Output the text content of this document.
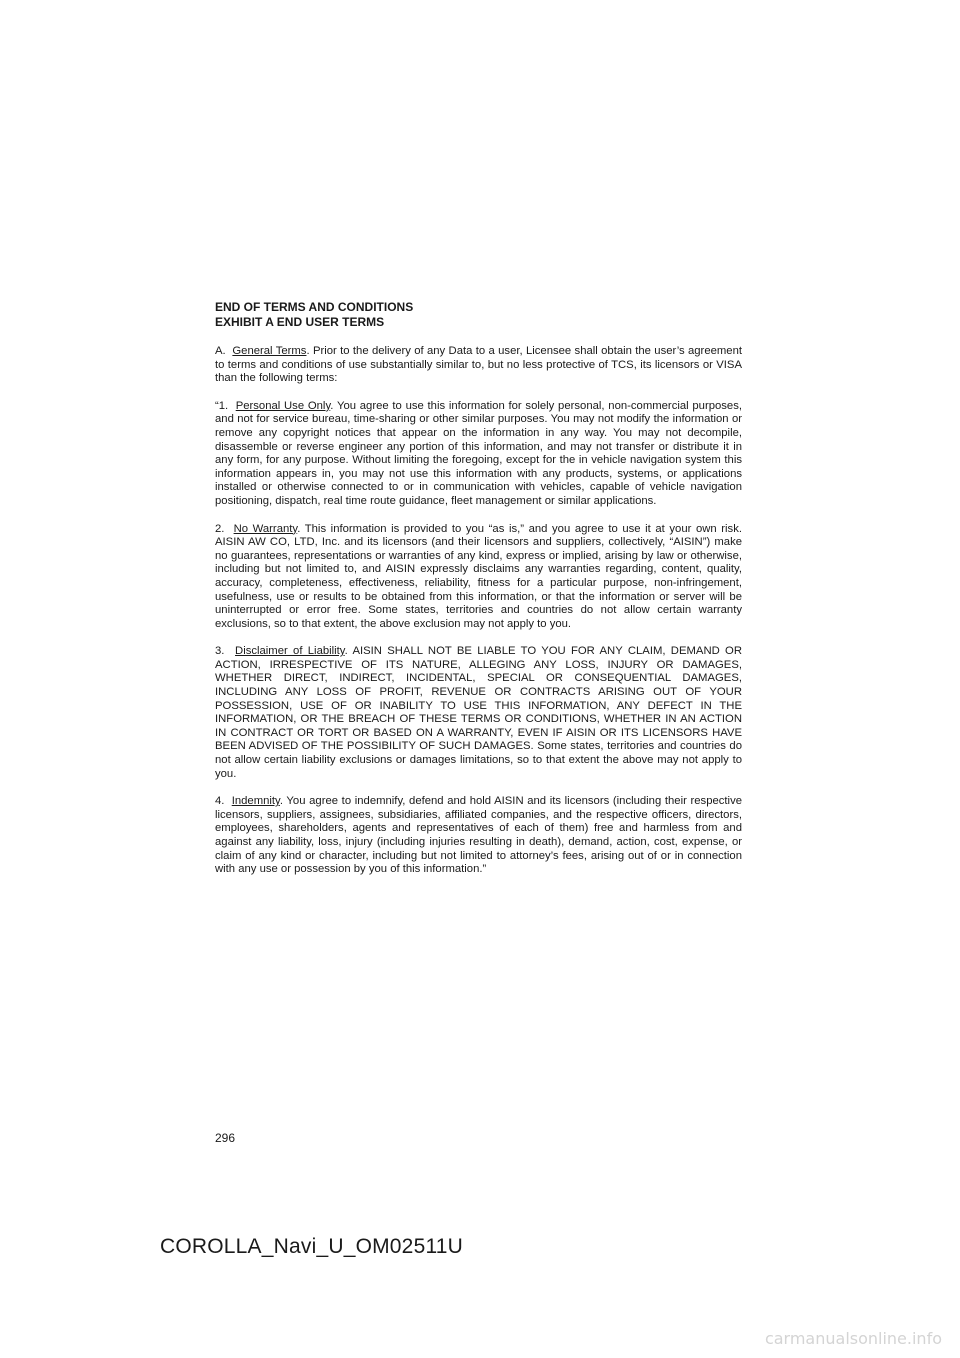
END OF TERMS AND CONDITIONS

EXHIBIT A END USER TERMS

A. General Terms. Prior to the delivery of any Data to a user, Licensee shall obtain the user’s agreement to terms and conditions of use substantially similar to, but no less protective of TCS, its licensors or VISA than the following terms:

“1. Personal Use Only. You agree to use this information for solely personal, non-commercial purposes, and not for service bureau, time-sharing or other similar purposes. You may not modify the information or remove any copyright notices that appear on the information in any way. You may not decompile, disassemble or reverse engineer any portion of this information, and may not transfer or distribute it in any form, for any purpose. Without limiting the foregoing, except for the in vehicle navigation system this information appears in, you may not use this information with any products, systems, or applications installed or otherwise connected to or in communication with vehicles, capable of vehicle navigation positioning, dispatch, real time route guidance, fleet management or similar applications.

2. No Warranty. This information is provided to you “as is,” and you agree to use it at your own risk. AISIN AW CO, LTD, Inc. and its licensors (and their licensors and suppliers, collectively, “AISIN”) make no guarantees, representations or warranties of any kind, express or implied, arising by law or otherwise, including but not limited to, and AISIN expressly disclaims any warranties regarding, content, quality, accuracy, completeness, effectiveness, reliability, fitness for a particular purpose, non-infringement, usefulness, use or results to be obtained from this information, or that the information or server will be uninterrupted or error free. Some states, territories and countries do not allow certain warranty exclusions, so to that extent, the above exclusion may not apply to you.

3. Disclaimer of Liability. AISIN SHALL NOT BE LIABLE TO YOU FOR ANY CLAIM, DEMAND OR ACTION, IRRESPECTIVE OF ITS NATURE, ALLEGING ANY LOSS, INJURY OR DAMAGES, WHETHER DIRECT, INDIRECT, INCIDENTAL, SPECIAL OR CONSEQUENTIAL DAMAGES, INCLUDING ANY LOSS OF PROFIT, REVENUE OR CONTRACTS ARISING OUT OF YOUR POSSESSION, USE OF OR INABILITY TO USE THIS INFORMATION, ANY DEFECT IN THE INFORMATION, OR THE BREACH OF THESE TERMS OR CONDITIONS, WHETHER IN AN ACTION IN CONTRACT OR TORT OR BASED ON A WARRANTY, EVEN IF AISIN OR ITS LICENSORS HAVE BEEN ADVISED OF THE POSSIBILITY OF SUCH DAMAGES. Some states, territories and countries do not allow certain liability exclusions or damages limitations, so to that extent the above may not apply to you.

4. Indemnity. You agree to indemnify, defend and hold AISIN and its licensors (including their respective licensors, suppliers, assignees, subsidiaries, affiliated companies, and the respective officers, directors, employees, shareholders, agents and representatives of each of them) free and harmless from and against any liability, loss, injury (including injuries resulting in death), demand, action, cost, expense, or claim of any kind or character, including but not limited to attorney’s fees, arising out of or in connection with any use or possession by you of this information.”

296
COROLLA_Navi_U_OM02511U
carmanualsonline.info
